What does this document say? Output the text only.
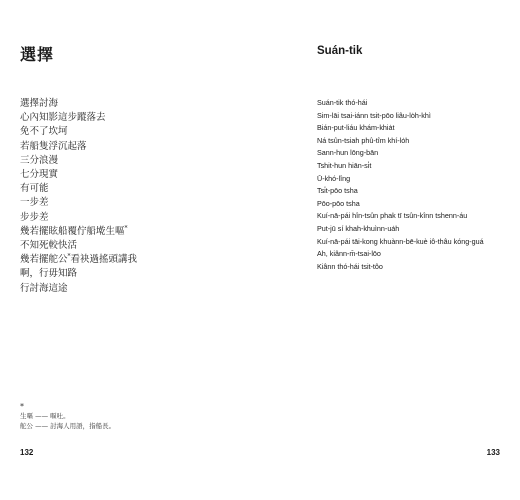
選擇
選擇討海
心內知影這步蹤落去
免不了坎坷
若船隻浮沉起落
三分浪漫
七分現實
有可能
一步差
步步差
幾若擺眩船覆佇船墘生嘔*
不知死較快活
幾若擺舵公*看袂過搖頭講我
啊，行毋知路
行討海這途
*
生嘔 —— 嘔吐。
舵公 —— 討海人用語，指船長。

132

Suán-tik
Suán-tik thó-hái
Sim-lāi tsai-iánn tsit-pōo liâu-lo̍h-khì
Bián-put-liáu khám-khia̍t
Ná tsûn-tsiah phû-tîm khí-lo̍h
Sann-hun lōng-bān
Tshit-hun hiān-si̍t
Ū-khó-lîng
Tsi̍t-pōo tsha
Pōo-pōo tsha
Kuí-nā-pái hîn-tsûn phak tī tsûn-kînn tshenn-áu
Put-jū sí khah-khuìnn-ua̍h
Kuí-nā-pái tāi-kong khuànn-bē-kuè iô-thâu kóng-guá
Ah, kiânn-m̄-tsai-lōo
Kiânn thó-hái tsit-tôo

133
